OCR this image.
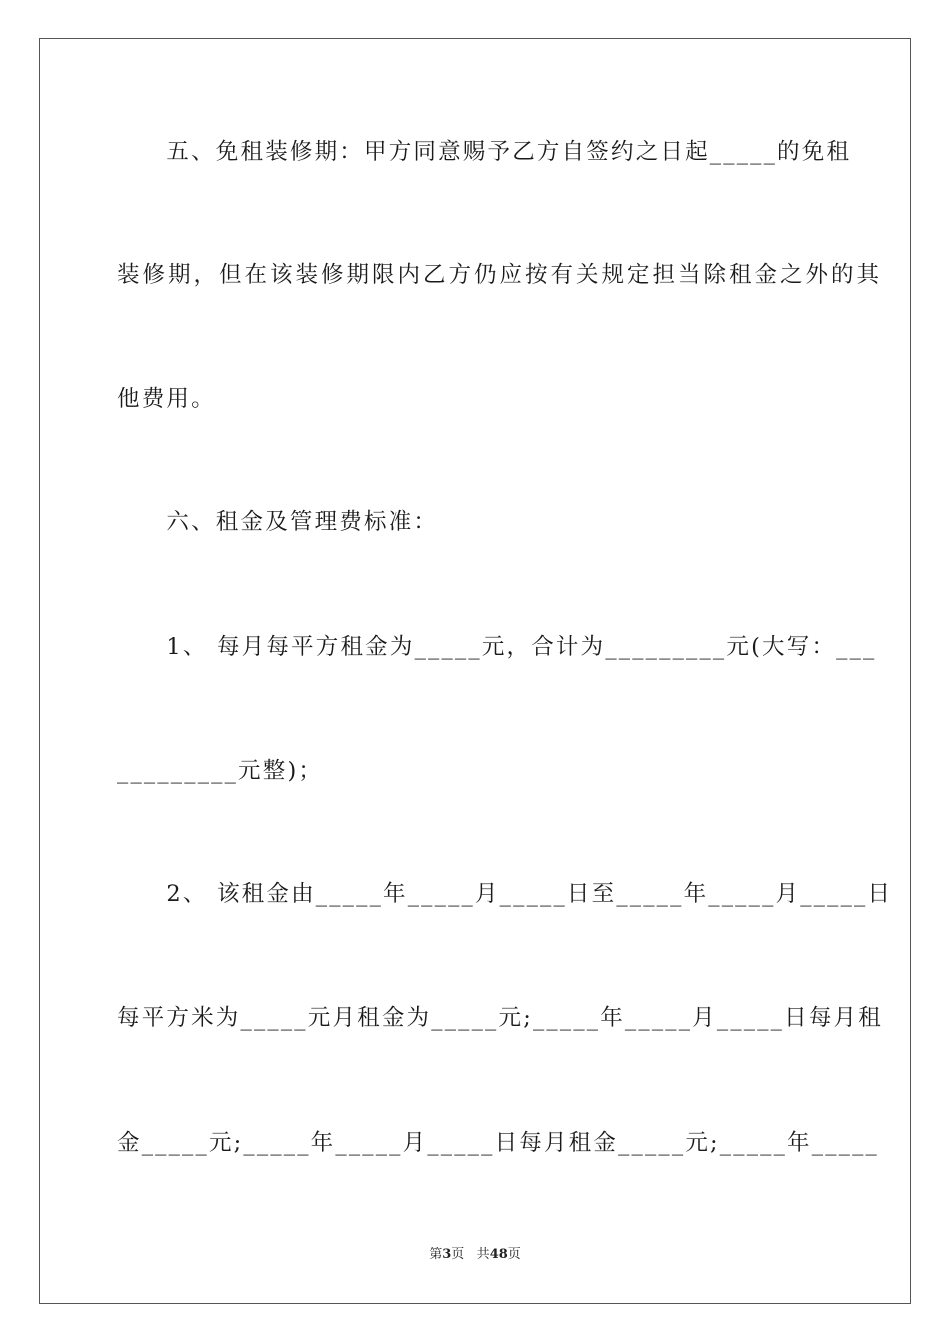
　　五、免租装修期：甲方同意赐予乙方自签约之日起_____的免租
装修期，但在该装修期限内乙方仍应按有关规定担当除租金之外的其
他费用。
　　六、租金及管理费标准：
　　1、 每月每平方租金为_____元，合计为_________元(大写：___
_________元整)；
　　2、 该租金由_____年_____月_____日至_____年_____月_____日
每平方米为_____元月租金为_____元;_____年_____月_____日每月租
金_____元;_____年_____月_____日每月租金_____元;_____年_____
第3页 共48页
